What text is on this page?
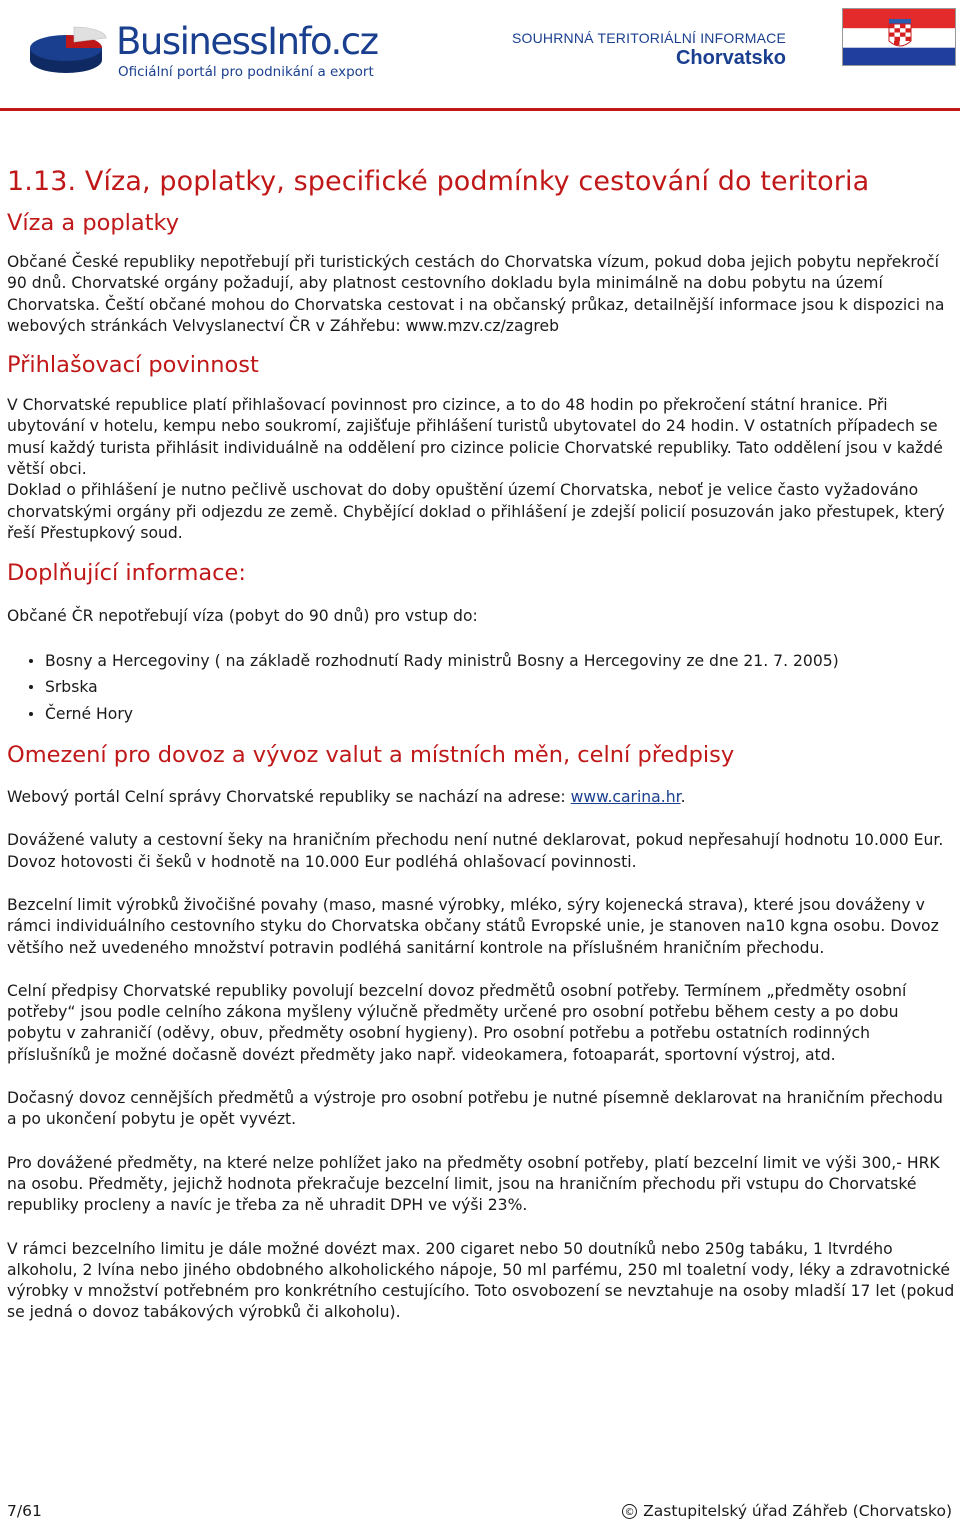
BusinessInfo.cz
Oficiální portál pro podnikání a export
SOUHRNNÁ TERITORIÁLNÍ INFORMACE
Chorvatsko
1.13. Víza, poplatky, specifické podmínky cestování do teritoria
Víza a poplatky

Občané České republiky nepotřebují při turistických cestách do Chorvatska vízum, pokud doba jejich pobytu nepřekročí 90 dnů. Chorvatské orgány požadují, aby platnost cestovního dokladu byla minimálně na dobu pobytu na území Chorvatska. Čeští občané mohou do Chorvatska cestovat i na občanský průkaz, detailnější informace jsou k dispozici na webových stránkách Velvyslanectví ČR v Záhřebu: www.mzv.cz/zagreb

Přihlašovací povinnost

V Chorvatské republice platí přihlašovací povinnost pro cizince, a to do 48 hodin po překročení státní hranice. Při ubytování v hotelu, kempu nebo soukromí, zajišťuje přihlášení turistů ubytovatel do 24 hodin. V ostatních případech se musí každý turista přihlásit individuálně na oddělení pro cizince policie Chorvatské republiky. Tato oddělení jsou v každé větší obci.

Doklad o přihlášení je nutno pečlivě uschovat do doby opuštění území Chorvatska, neboť je velice často vyžadováno chorvatskými orgány při odjezdu ze země. Chybějící doklad o přihlášení je zdejší policií posuzován jako přestupek, který řeší Přestupkový soud.

Doplňující informace:

Občané ČR nepotřebují víza (pobyt do 90 dnů) pro vstup do:

Bosny a Hercegoviny ( na základě rozhodnutí Rady ministrů Bosny a Hercegoviny ze dne 21. 7. 2005)
Srbska
Černé Hory
Omezení pro dovoz a vývoz valut a místních měn, celní předpisy

Webový portál Celní správy Chorvatské republiky se nachází na adrese: www.carina.hr.

Dovážené valuty a cestovní šeky na hraničním přechodu není nutné deklarovat, pokud nepřesahují hodnotu 10.000 Eur. Dovoz hotovosti či šeků v hodnotě na 10.000 Eur podléhá ohlašovací povinnosti.

Bezcelní limit výrobků živočišné povahy (maso, masné výrobky, mléko, sýry kojenecká strava), které jsou dováženy v rámci individuálního cestovního styku do Chorvatska občany států Evropské unie, je stanoven na10 kgna osobu. Dovoz většího než uvedeného množství potravin podléhá sanitární kontrole na příslušném hraničním přechodu.

Celní předpisy Chorvatské republiky povolují bezcelní dovoz předmětů osobní potřeby. Termínem „předměty osobní potřeby“ jsou podle celního zákona myšleny výlučně předměty určené pro osobní potřebu během cesty a po dobu pobytu v zahraničí (oděvy, obuv, předměty osobní hygieny). Pro osobní potřebu a potřebu ostatních rodinných příslušníků je možné dočasně dovézt předměty jako např. videokamera, fotoaparát, sportovní výstroj, atd.

Dočasný dovoz cennějších předmětů a výstroje pro osobní potřebu je nutné písemně deklarovat na hraničním přechodu a po ukončení pobytu je opět vyvézt.

Pro dovážené předměty, na které nelze pohlížet jako na předměty osobní potřeby, platí bezcelní limit ve výši 300,- HRK na osobu. Předměty, jejichž hodnota překračuje bezcelní limit, jsou na hraničním přechodu při vstupu do Chorvatské republiky procleny a navíc je třeba za ně uhradit DPH ve výši 23%.

V rámci bezcelního limitu je dále možné dovézt max. 200 cigaret nebo 50 doutníků nebo 250g tabáku, 1 ltvrdého alkoholu, 2 lvína nebo jiného obdobného alkoholického nápoje, 50 ml parfému, 250 ml toaletní vody, léky a zdravotnické výrobky v množství potřebném pro konkrétního cestujícího. Toto osvobození se nevztahuje na osoby mladší 17 let (pokud se jedná o dovoz tabákových výrobků či alkoholu).

7/61	© Zastupitelský úřad Záhřeb (Chorvatsko)
